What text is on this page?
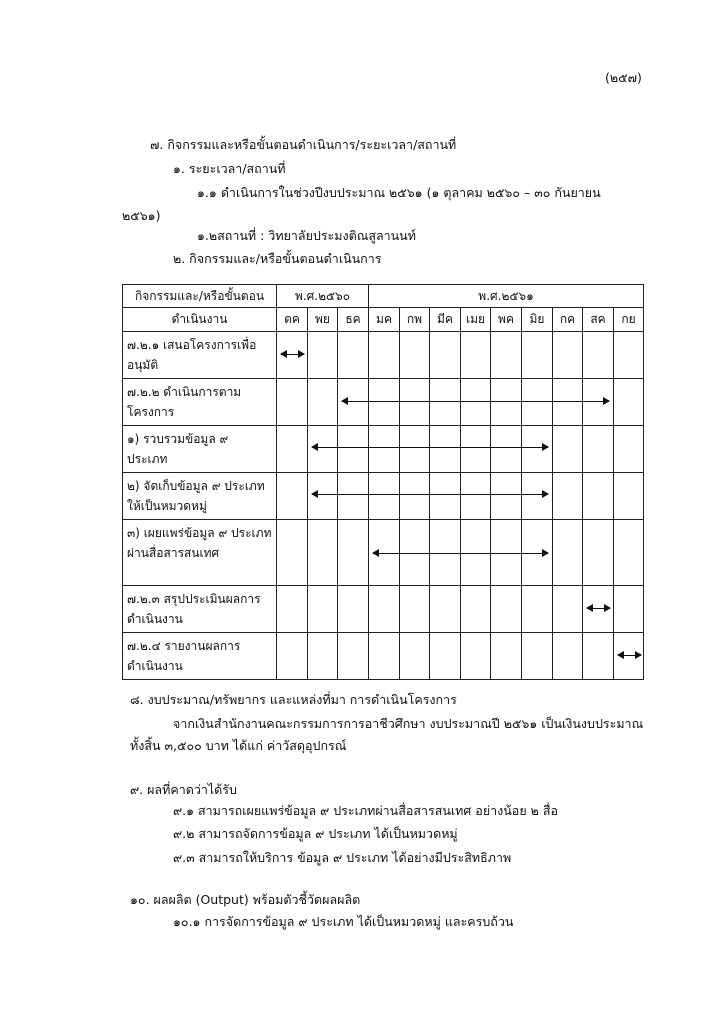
(๒๕๗)
๗. กิจกรรมและหรือขั้นตอนดำเนินการ/ระยะเวลา/สถานที่
๑. ระยะเวลา/สถานที่
๑.๑ ดำเนินการในช่วงปีงบประมาณ ๒๕๖๑ (๑ ตุลาคม ๒๕๖๐ – ๓๐ กันยายน
๒๕๖๑)
๑.๒สถานที่ : วิทยาลัยประมงติณสูลานนท์
๒. กิจกรรมและ/หรือขั้นตอนดำเนินการ
กิจกรรมและ/หรือขั้นตอน	พ.ศ.๒๕๖๐			พ.ศ.๒๕๖๑								
ดำเนินงาน	ตค	พย	ธค	มค	กพ	มีค	เมย	พค	มิย	กค	สค	กย
๗.๒.๑ เสนอโครงการเพื่ออนุมัติ	

๗.๒.๒ ดำเนินการตามโครงการ			

๑) รวบรวมข้อมูล ๙ ประเภท		

๒) จัดเก็บข้อมูล ๙ ประเภท ให้เป็นหมวดหมู่		

๓) เผยแพร่ข้อมูล ๙ ประเภท ผ่านสื่อสารสนเทศ				

๗.๒.๓ สรุปประเมินผลการดำเนินงาน											

๗.๒.๔ รายงานผลการดำเนินงาน												
๘. งบประมาณ/ทรัพยากร และแหล่งที่มา การดำเนินโครงการ
จากเงินสำนักงานคณะกรรมการการอาชีวศึกษา งบประมาณปี ๒๕๖๑ เป็นเงินงบประมาณ
ทั้งสิ้น ๓,๕๐๐ บาท ได้แก่ ค่าวัสดุอุปกรณ์
๙. ผลที่คาดว่าได้รับ
๙.๑ สามารถเผยแพร่ข้อมูล ๙ ประเภทผ่านสื่อสารสนเทศ อย่างน้อย ๒ สื่อ
๙.๒ สามารถจัดการข้อมูล ๙ ประเภท ได้เป็นหมวดหมู่
๙.๓ สามารถให้บริการ ข้อมูล ๙ ประเภท ได้อย่างมีประสิทธิภาพ
๑๐. ผลผลิต (Output) พร้อมตัวชี้วัดผลผลิต
๑๐.๑ การจัดการข้อมูล ๙ ประเภท ได้เป็นหมวดหมู่ และครบถ้วน
